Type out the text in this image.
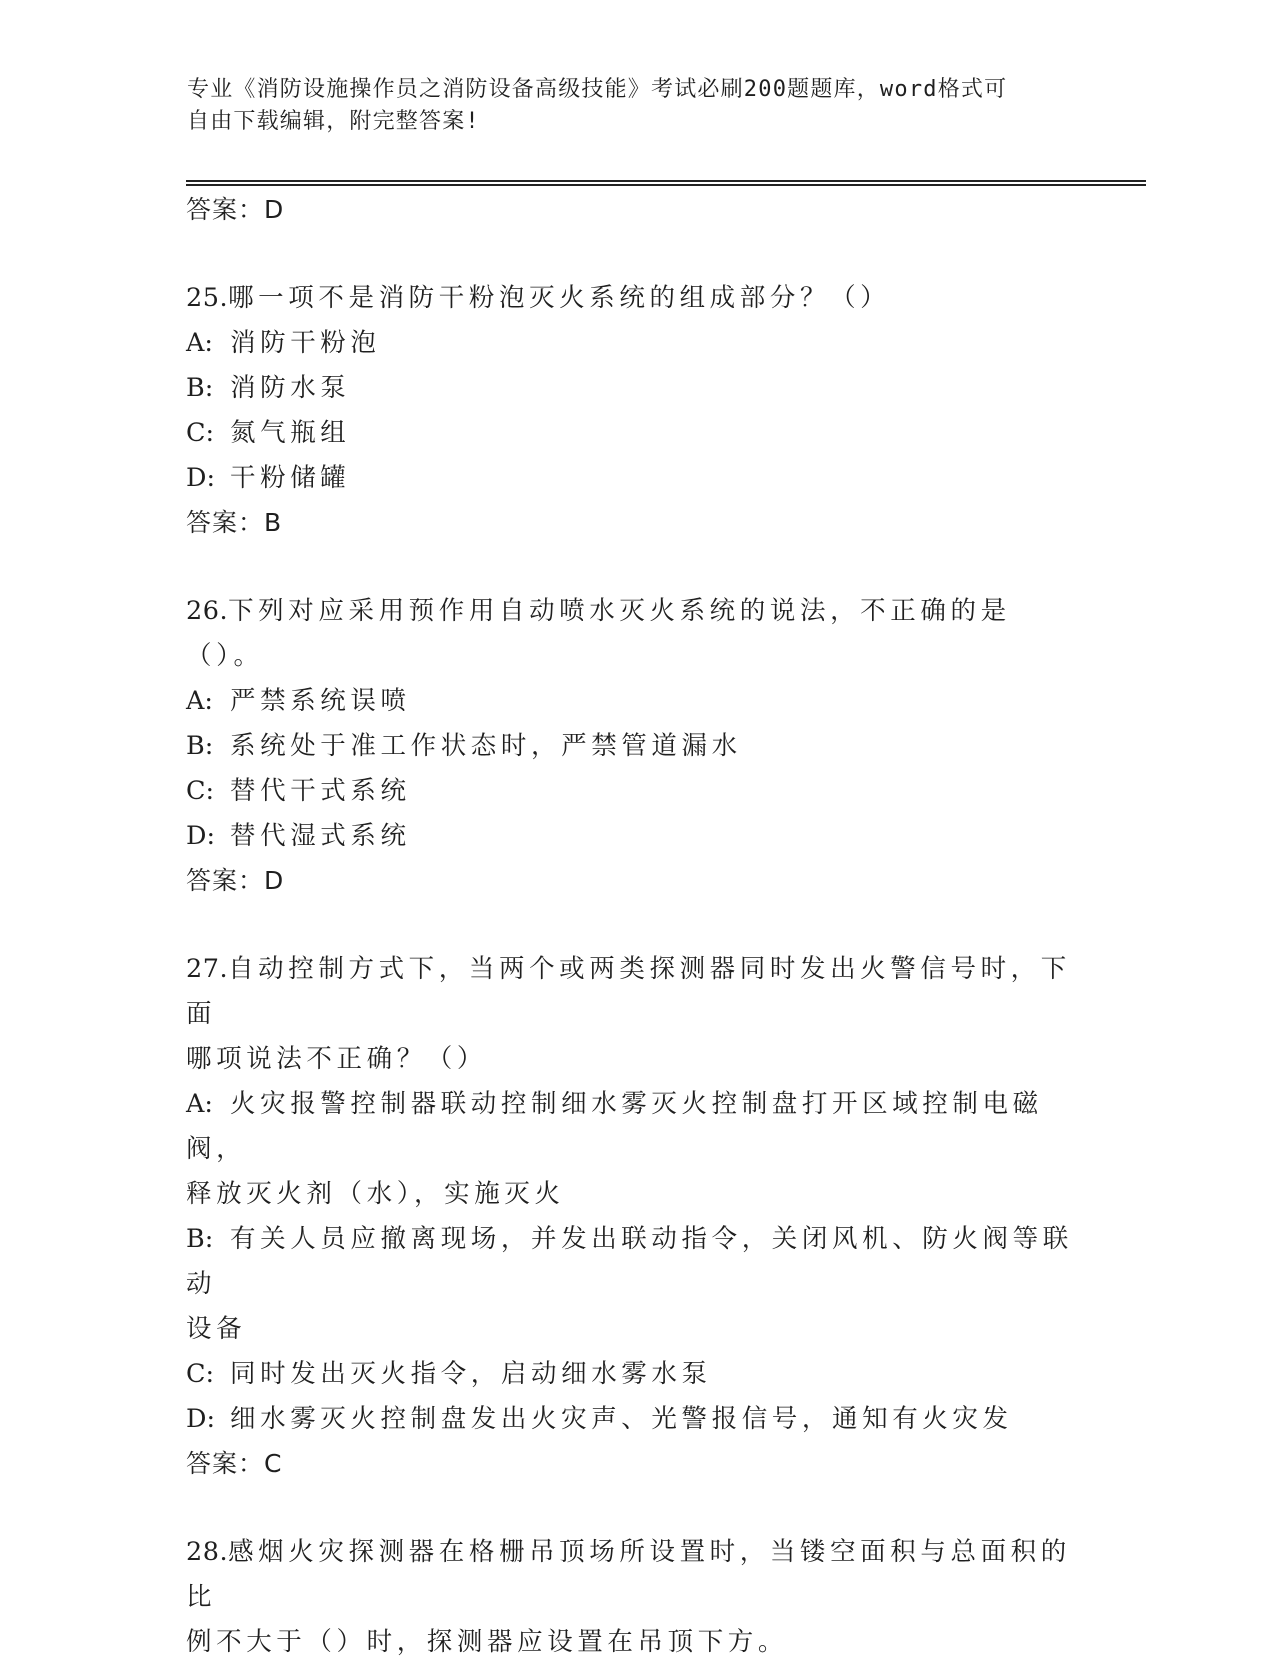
专业《消防设施操作员之消防设备高级技能》考试必刷200题题库，word格式可
自由下载编辑，附完整答案!

答案：D

25.哪一项不是消防干粉泡灭火系统的组成部分？（）

A: 消防干粉泡

B: 消防水泵

C: 氮气瓶组

D: 干粉储罐

答案：B

26.下列对应采用预作用自动喷水灭火系统的说法，不正确的是（）。

A: 严禁系统误喷

B: 系统处于准工作状态时，严禁管道漏水

C: 替代干式系统

D: 替代湿式系统

答案：D

27.自动控制方式下，当两个或两类探测器同时发出火警信号时，下面

哪项说法不正确？（）

A: 火灾报警控制器联动控制细水雾灭火控制盘打开区域控制电磁阀，

释放灭火剂（水），实施灭火

B: 有关人员应撤离现场，并发出联动指令，关闭风机、防火阀等联动

设备

C: 同时发出灭火指令，启动细水雾水泵

D: 细水雾灭火控制盘发出火灾声、光警报信号，通知有火灾发

答案：C

28.感烟火灾探测器在格栅吊顶场所设置时，当镂空面积与总面积的比

例不大于（）时，探测器应设置在吊顶下方。
